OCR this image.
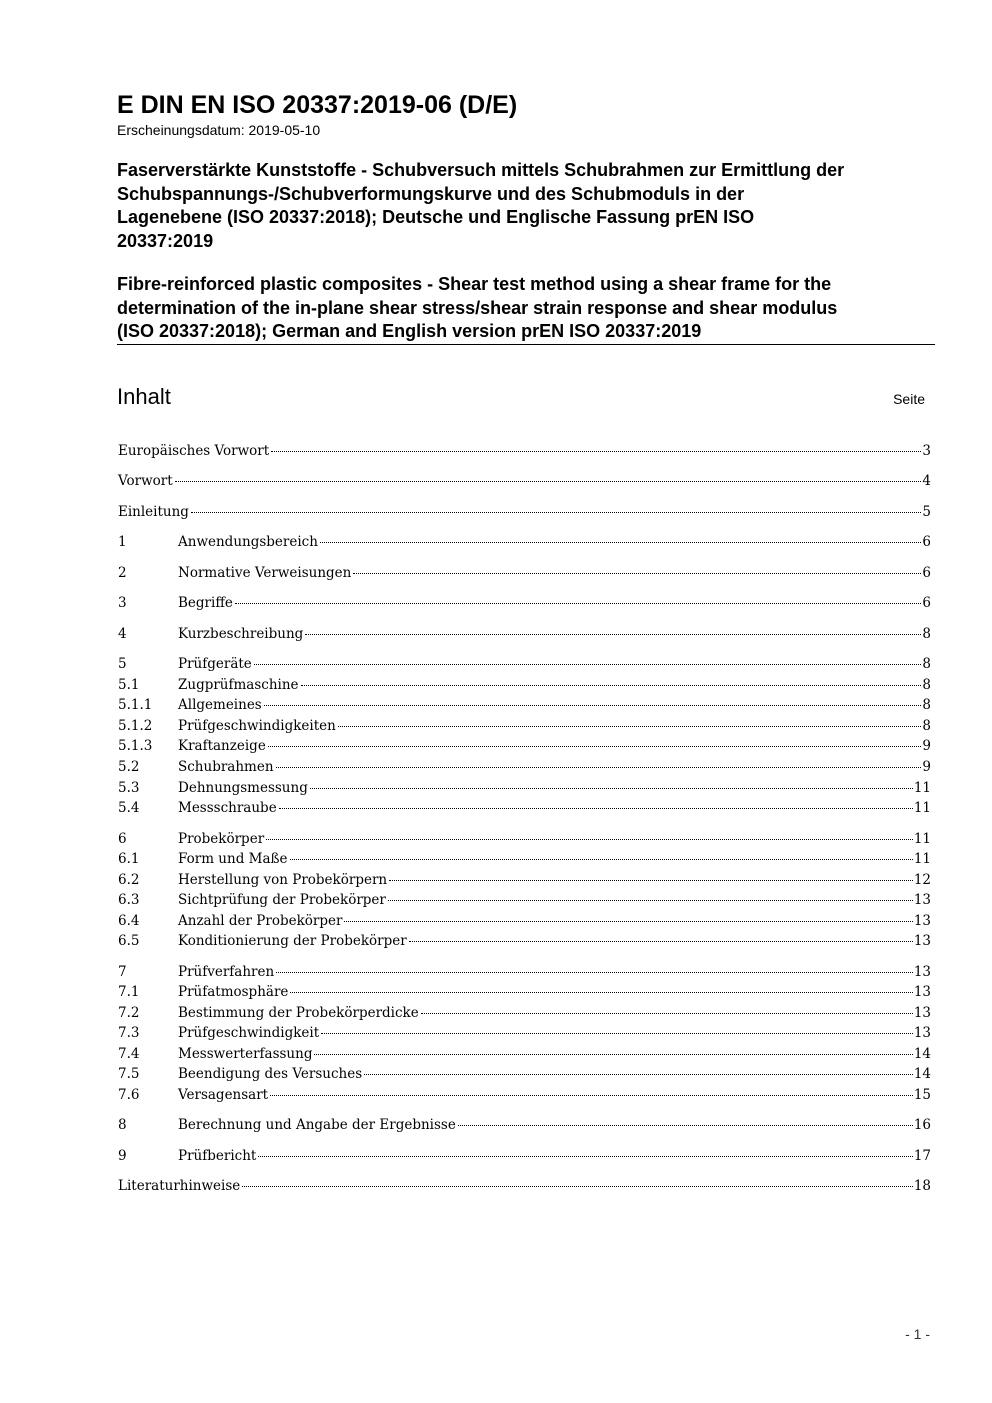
E DIN EN ISO 20337:2019-06 (D/E)
Erscheinungsdatum: 2019-05-10
Faserverstärkte Kunststoffe - Schubversuch mittels Schubrahmen zur Ermittlung der
Schubspannungs-/Schubverformungskurve und des Schubmoduls in der
Lagenebene (ISO 20337:2018); Deutsche und Englische Fassung prEN ISO
20337:2019
Fibre-reinforced plastic composites - Shear test method using a shear frame for the
determination of the in-plane shear stress/shear strain response and shear modulus
(ISO 20337:2018); German and English version prEN ISO 20337:2019
Inhalt	Seite
Europäisches Vorwort	3
Vorwort	4
Einleitung	5
1	Anwendungsbereich	6
2	Normative Verweisungen	6
3	Begriffe	6
4	Kurzbeschreibung	8
5	Prüfgeräte	8
5.1	Zugprüfmaschine	8
5.1.1	Allgemeines	8
5.1.2	Prüfgeschwindigkeiten	8
5.1.3	Kraftanzeige	9
5.2	Schubrahmen	9
5.3	Dehnungsmessung	11
5.4	Messschraube	11
6	Probekörper	11
6.1	Form und Maße	11
6.2	Herstellung von Probekörpern	12
6.3	Sichtprüfung der Probekörper	13
6.4	Anzahl der Probekörper	13
6.5	Konditionierung der Probekörper	13
7	Prüfverfahren	13
7.1	Prüfatmosphäre	13
7.2	Bestimmung der Probekörperdicke	13
7.3	Prüfgeschwindigkeit	13
7.4	Messwerterfassung	14
7.5	Beendigung des Versuches	14
7.6	Versagensart	15
8	Berechnung und Angabe der Ergebnisse	16
9	Prüfbericht	17
Literaturhinweise	18
- 1 -
